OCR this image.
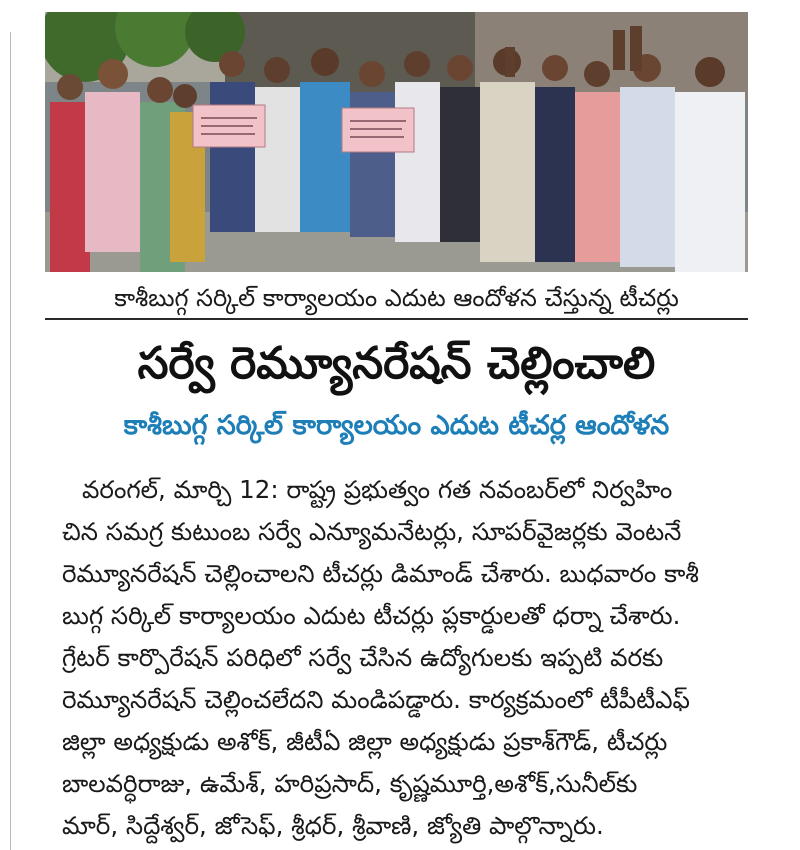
కాశీబుగ్గ సర్కిల్ కార్యాలయం ఎదుట ఆందోళన చేస్తున్న టీచర్లు
సర్వే రెమ్యూనరేషన్ చెల్లించాలి
కాశీబుగ్గ సర్కిల్ కార్యాలయం ఎదుట టీచర్ల ఆందోళన
వరంగల్, మార్చి 12: రాష్ట్ర ప్రభుత్వం గత నవంబర్‌లో నిర్వహిం
చిన సమగ్ర కుటుంబ సర్వే ఎన్యూమనేటర్లు, సూపర్‌వైజర్లకు వెంటనే
రెమ్యూనరేషన్ చెల్లించాలని టీచర్లు డిమాండ్ చేశారు. బుధవారం కాశీ
బుగ్గ సర్కిల్ కార్యాలయం ఎదుట టీచర్లు ప్లకార్డులతో ధర్నా చేశారు.
గ్రేటర్ కార్పొరేషన్ పరిధిలో సర్వే చేసిన ఉద్యోగులకు ఇప్పటి వరకు
రెమ్యూనరేషన్ చెల్లించలేదని మండిపడ్డారు. కార్యక్రమంలో టీపీటీఎఫ్
జిల్లా అధ్యక్షుడు అశోక్, జీటీఏ జిల్లా అధ్యక్షుడు ప్రకాశ్‌గౌడ్, టీచర్లు
బాలవర్ధిరాజు, ఉమేశ్, హరిప్రసాద్, కృష్ణమూర్తి,అశోక్,సునీల్‌కు
మార్, సిద్దేశ్వర్, జోసెఫ్, శ్రీధర్, శ్రీవాణి, జ్యోతి పాల్గొన్నారు.
